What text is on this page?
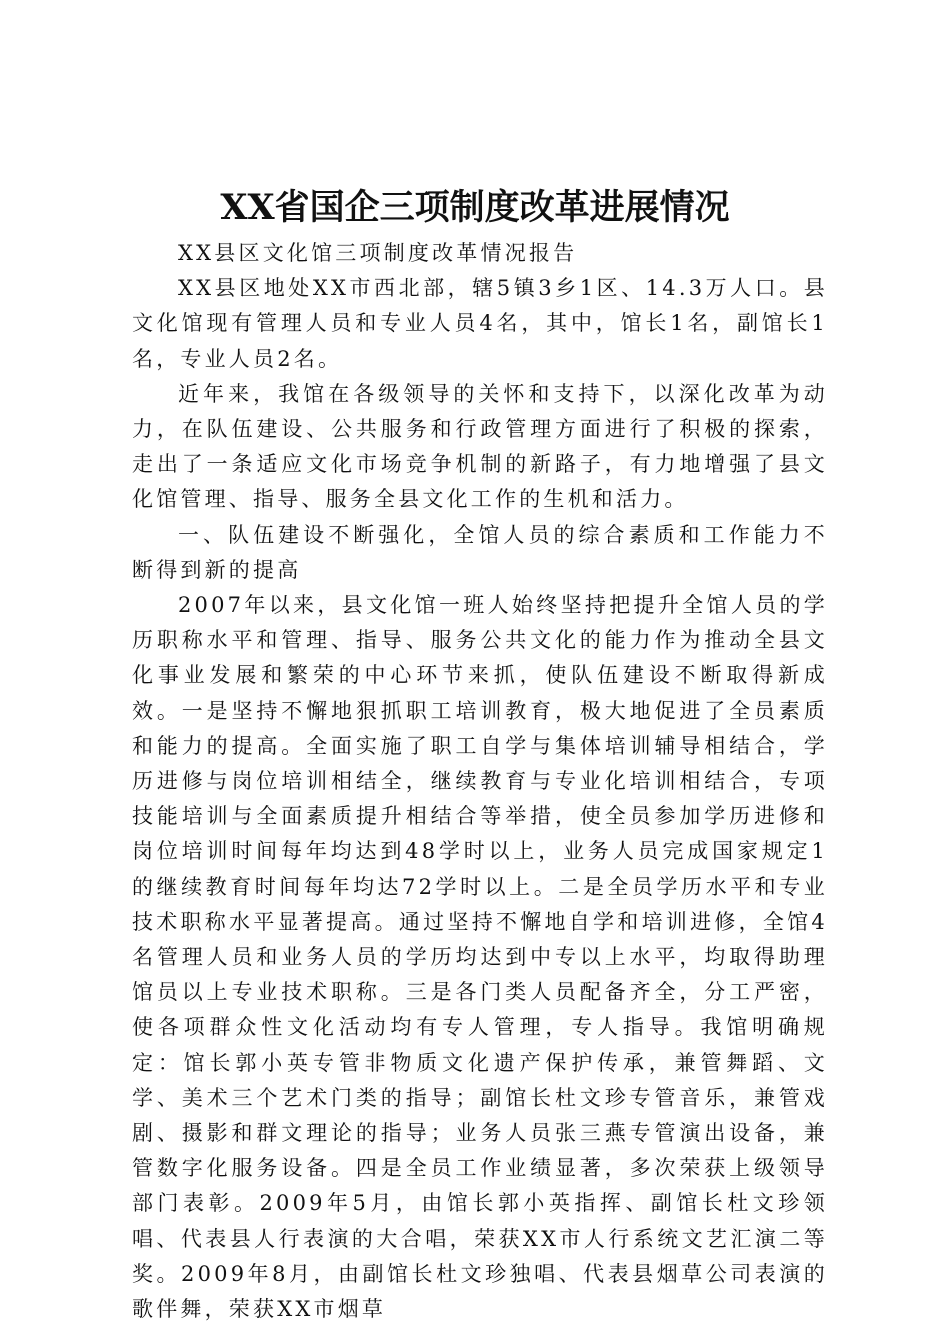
XX省国企三项制度改革进展情况

XX县区文化馆三项制度改革情况报告

XX县区地处XX市西北部，辖5镇3乡1区、14.3万人口。县文化馆现有管理人员和专业人员4名，其中，馆长1名，副馆长1名，专业人员2名。

近年来，我馆在各级领导的关怀和支持下，以深化改革为动力，在队伍建设、公共服务和行政管理方面进行了积极的探索，走出了一条适应文化市场竞争机制的新路子，有力地增强了县文化馆管理、指导、服务全县文化工作的生机和活力。

一、队伍建设不断强化，全馆人员的综合素质和工作能力不断得到新的提高

2007年以来，县文化馆一班人始终坚持把提升全馆人员的学历职称水平和管理、指导、服务公共文化的能力作为推动全县文化事业发展和繁荣的中心环节来抓，使队伍建设不断取得新成效。一是坚持不懈地狠抓职工培训教育，极大地促进了全员素质和能力的提高。全面实施了职工自学与集体培训辅导相结合，学历进修与岗位培训相结全，继续教育与专业化培训相结合，专项技能培训与全面素质提升相结合等举措，使全员参加学历进修和岗位培训时间每年均达到48学时以上，业务人员完成国家规定1的继续教育时间每年均达72学时以上。二是全员学历水平和专业技术职称水平显著提高。通过坚持不懈地自学和培训进修，全馆4名管理人员和业务人员的学历均达到中专以上水平，均取得助理馆员以上专业技术职称。三是各门类人员配备齐全，分工严密，使各项群众性文化活动均有专人管理，专人指导。我馆明确规定：馆长郭小英专管非物质文化遗产保护传承，兼管舞蹈、文学、美术三个艺术门类的指导；副馆长杜文珍专管音乐，兼管戏剧、摄影和群文理论的指导；业务人员张三燕专管演出设备，兼管数字化服务设备。四是全员工作业绩显著，多次荣获上级领导部门表彰。2009年5月，由馆长郭小英指挥、副馆长杜文珍领唱、代表县人行表演的大合唱，荣获XX市人行系统文艺汇演二等奖。2009年8月，由副馆长杜文珍独唱、代表县烟草公司表演的歌伴舞，荣获XX市烟草
